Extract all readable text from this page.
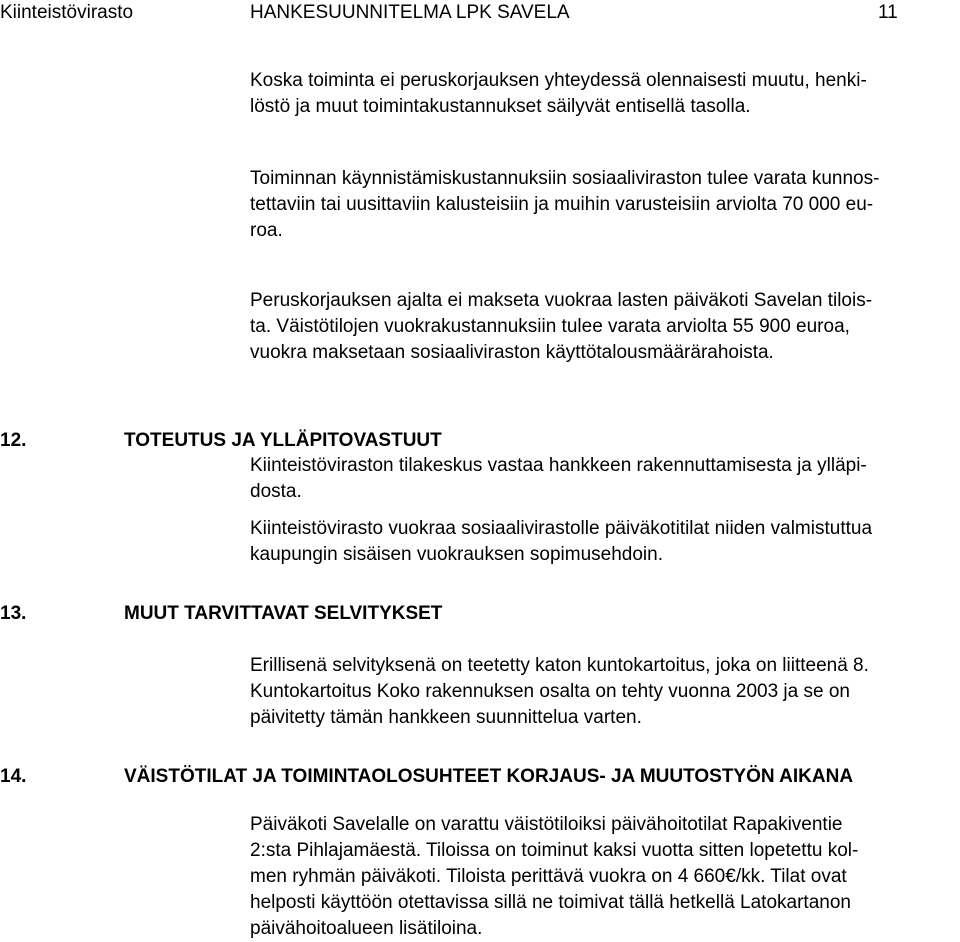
Kiinteistövirasto	HANKESUUNNITELMA LPK SAVELA	11
Koska toiminta ei peruskorjauksen yhteydessä olennaisesti muutu, henki-
löstö ja muut toimintakustannukset säilyvät entisellä tasolla.
Toiminnan käynnistämiskustannuksiin sosiaaliviraston tulee varata kunnos-
tettaviin tai uusittaviin kalusteisiin ja muihin varusteisiin arviolta 70 000 eu-
roa.
Peruskorjauksen ajalta ei makseta vuokraa lasten päiväkoti Savelan tilois-
ta. Väistötilojen vuokrakustannuksiin tulee varata arviolta 55 900 euroa,
vuokra maksetaan sosiaaliviraston käyttötalousmäärärahoista.
12.	TOTEUTUS JA YLLÄPITOVASTUUT
Kiinteistöviraston tilakeskus vastaa hankkeen rakennuttamisesta ja ylläpi-
dosta.
Kiinteistövirasto vuokraa sosiaalivirastolle päiväkotitilat niiden valmistuttua
kaupungin sisäisen vuokrauksen sopimusehdoin.
13.	MUUT TARVITTAVAT SELVITYKSET
Erillisenä selvityksenä on teetetty katon kuntokartoitus, joka on liitteenä 8.
Kuntokartoitus Koko rakennuksen osalta on tehty vuonna 2003 ja se on
päivitetty tämän hankkeen suunnittelua varten.
14.	VÄISTÖTILAT JA TOIMINTAOLOSUHTEET KORJAUS- JA MUUTOSTYÖN AIKANA
Päiväkoti Savelalle on varattu väistötiloiksi päivähoitotilat Rapakiventie
2:sta Pihlajamäestä. Tiloissa on toiminut kaksi vuotta sitten lopetettu kol-
men ryhmän päiväkoti. Tiloista perittävä vuokra on 4 660€/kk. Tilat ovat
helposti käyttöön otettavissa sillä ne toimivat tällä hetkellä Latokartanon
päivähoitoalueen lisätiloina.
